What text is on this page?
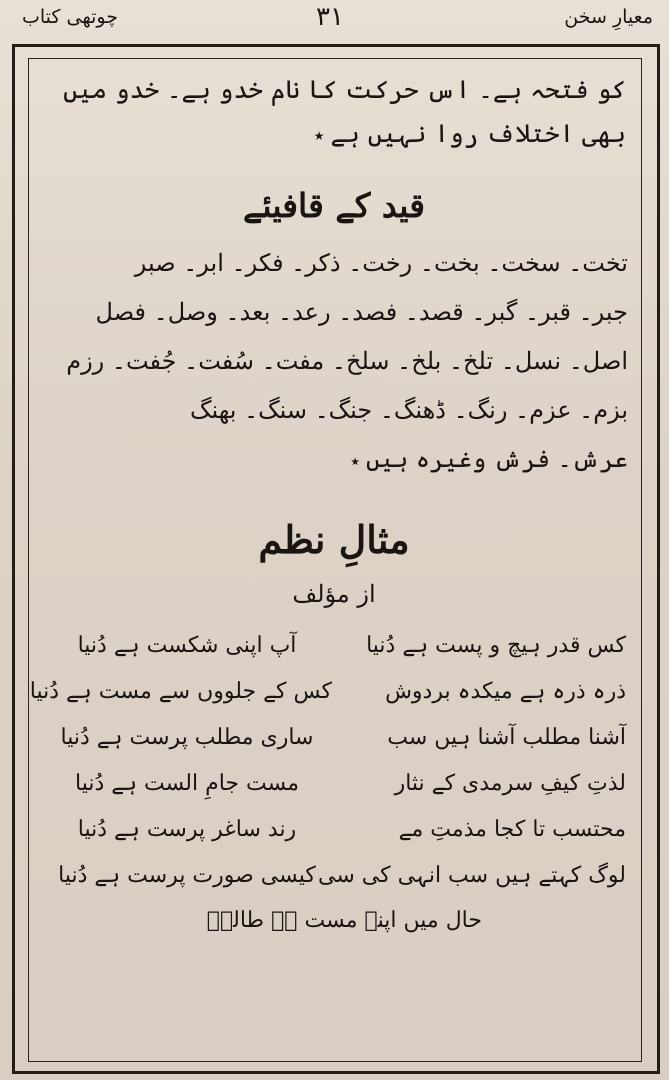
معیارِ سخن
۳۱
چوتھی کتاب

کو فتحہ ہے۔ اس حرکت کا نام خدو ہے۔ خدو میں بھی اختلاف روا نہیں ہے٭

قید کے قافیئے

تخت۔ سخت۔ بخت۔ رخت۔ ذکر۔ فکر۔ ابر۔ صبر

جبر۔ قبر۔ گبر۔ قصد۔ فصد۔ رعد۔ بعد۔ وصل۔ فصل

اصل۔ نسل۔ تلخ۔ بلخ۔ سلخ۔ مفت۔ سُفت۔ جُفت۔ رزم

بزم۔ عزم۔ رنگ۔ ڈھنگ۔ جنگ۔ سنگ۔ بھنگ

عرش۔ فرش وغیرہ ہیں٭

مثالِ نظم
از مؤلف
کس قدر ہیچ و پست ہے دُنیا
آپ اپنی شکست ہے دُنیا
ذرہ ذرہ ہے میکدہ بردوش
کس کے جلووں سے مست ہے دُنیا
آشنا مطلب آشنا ہیں سب
ساری مطلب پرست ہے دُنیا
لذتِ کیفِ سرمدی کے نثار
مست جامِ الست ہے دُنیا
محتسب تا کجا مذمتِ مے
رند ساغر پرست ہے دُنیا
لوگ کہتے ہیں سب انہی کی سی
کیسی صورت پرست ہے دُنیا
حال میں اپنے مست ہے طالبؔ
